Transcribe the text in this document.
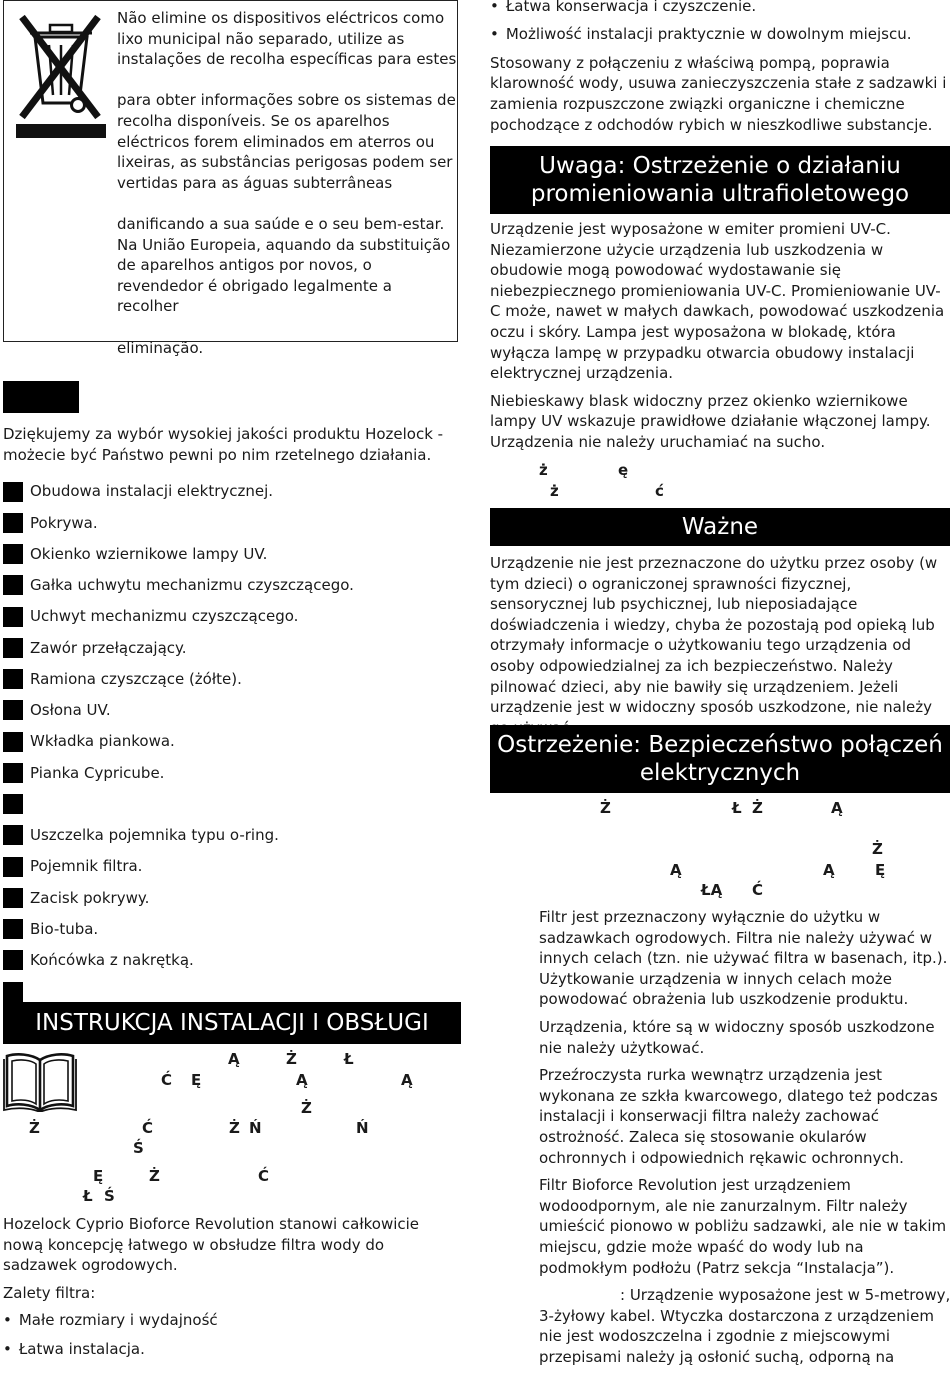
Não elimine os dispositivos eléctricos como lixo municipal não separado, utilize as instalações de recolha específicas para estes

para obter informações sobre os sistemas de recolha disponíveis. Se os aparelhos eléctricos forem eliminados em aterros ou lixeiras, as substâncias perigosas podem ser vertidas para as águas subterrâneas

danificando a sua saúde e o seu bem-estar. Na União Europeia, aquando da substituição de aparelhos antigos por novos, o revendedor é obrigado legalmente a recolher

eliminação.

Dziękujemy za wybór wysokiej jakości produktu Hozelock - możecie być Państwo pewni po nim rzetelnego działania.

Obudowa instalacji elektrycznej.
Pokrywa.
Okienko wziernikowe lampy UV.
Gałka uchwytu mechanizmu czyszczącego.
Uchwyt mechanizmu czyszczącego.
Zawór przełączający.
Ramiona czyszczące (żółte).
Osłona UV.
Wkładka piankowa.
Pianka Cypricube.
Uszczelka pojemnika typu o-ring.
Pojemnik filtra.
Zacisk pokrywy.
Bio-tuba.
Końcówka z nakrętką.
INSTRUKCJA INSTALACJI I OBSŁUGI
Ą	Ż	Ł
Ć Ę	Ą	Ą
Ż
Ż	Ć	Ż Ń	Ń
Ś
Ę	Ż	Ć
Ł Ś

Hozelock Cyprio Bioforce Revolution stanowi całkowicie nową koncepcję łatwego w obsłudze filtra wody do sadzawek ogrodowych.

Zalety filtra:

• Małe rozmiary i wydajność
• Łatwa instalacja.
• Łatwa konserwacja i czyszczenie.
• Możliwość instalacji praktycznie w dowolnym miejscu.

Stosowany z połączeniu z właściwą pompą, poprawia klarowność wody, usuwa zanieczyszczenia stałe z sadzawki i zamienia rozpuszczone związki organiczne i chemiczne pochodzące z odchodów rybich w nieszkodliwe substancje.

Uwaga: Ostrzeżenie o działaniu
promieniowania ultrafioletowego

Urządzenie jest wyposażone w emiter promieni UV-C. Niezamierzone użycie urządzenia lub uszkodzenia w obudowie mogą powodować wydostawanie się niebezpiecznego promieniowania UV-C. Promieniowanie UV-C może, nawet w małych dawkach, powodować uszkodzenia oczu i skóry. Lampa jest wyposażona w blokadę, która wyłącza lampę w przypadku otwarcia obudowy instalacji elektrycznej urządzenia.

Niebieskawy blask widoczny przez okienko wziernikowe lampy UV wskazuje prawidłowe działanie włączonej lampy. Urządzenia nie należy uruchamiać na sucho.

ż	ę
ż	ć
Ważne

Urządzenie nie jest przeznaczone do użytku przez osoby (w tym dzieci) o ograniczonej sprawności fizycznej, sensorycznej lub psychicznej, lub nieposiadające doświadczenia i wiedzy, chyba że pozostają pod opieką lub otrzymały informacje o użytkowaniu tego urządzenia od osoby odpowiedzialnej za ich bezpieczeństwo. Należy pilnować dzieci, aby nie bawiły się urządzeniem. Jeżeli urządzenie jest w widoczny sposób uszkodzone, nie należy

Ostrzeżenie: Bezpieczeństwo połączeń
elektrycznych
Ż	Ł Ż	Ą
Ż
Ą	Ą	Ę
ŁĄ Ć

Filtr jest przeznaczony wyłącznie do użytku w sadzawkach ogrodowych. Filtra nie należy używać w innych celach (tzn. nie używać filtra w basenach, itp.). Użytkowanie urządzenia w innych celach może powodować obrażenia lub uszkodzenie produktu.

Urządzenia, które są w widoczny sposób uszkodzone nie należy użytkować.

Przeźroczysta rurka wewnątrz urządzenia jest wykonana ze szkła kwarcowego, dlatego też podczas instalacji i konserwacji filtra należy zachować ostrożność. Zaleca się stosowanie okularów ochronnych i odpowiednich rękawic ochronnych.

Filtr Bioforce Revolution jest urządzeniem wodoodpornym, ale nie zanurzalnym. Filtr należy umieścić pionowo w pobliżu sadzawki, ale nie w takim miejscu, gdzie może wpaść do wody lub na podmokłym podłożu (Patrz sekcja “Instalacja”).

: Urządzenie wyposażone jest w 5-metrowy, 3-żyłowy kabel. Wtyczka dostarczona z urządzeniem nie jest wodoszczelna i zgodnie z miejscowymi przepisami należy ją osłonić suchą, odporną na
